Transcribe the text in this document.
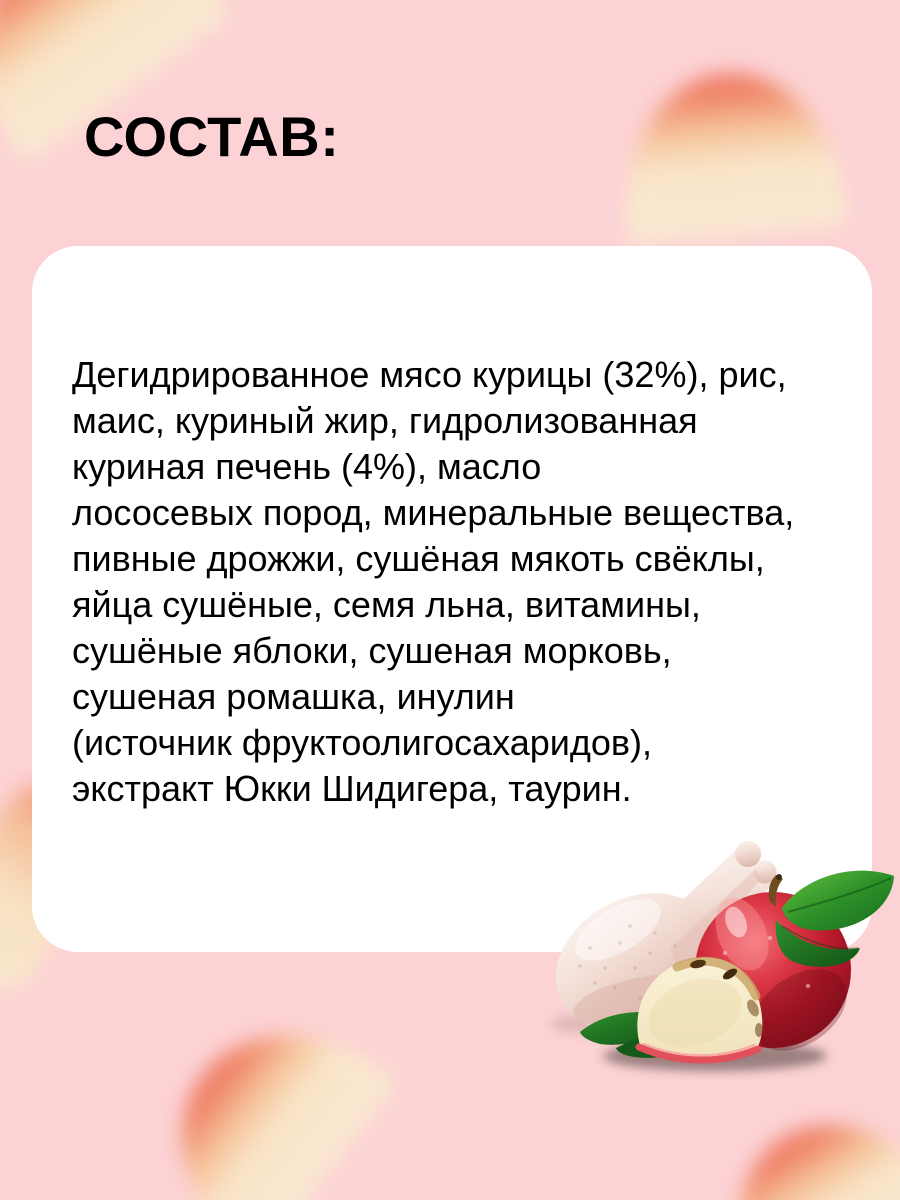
СОСТАВ:
Дегидрированное мясо курицы (32%), рис,
маис, куриный жир, гидролизованная
куриная печень (4%), масло
лососевых пород, минеральные вещества,
пивные дрожжи, сушёная мякоть свёклы,
яйца сушёные, семя льна, витамины,
сушёные яблоки, сушеная морковь,
сушеная ромашка, инулин
(источник фруктоолигосахаридов),
экстракт Юкки Шидигера, таурин.
